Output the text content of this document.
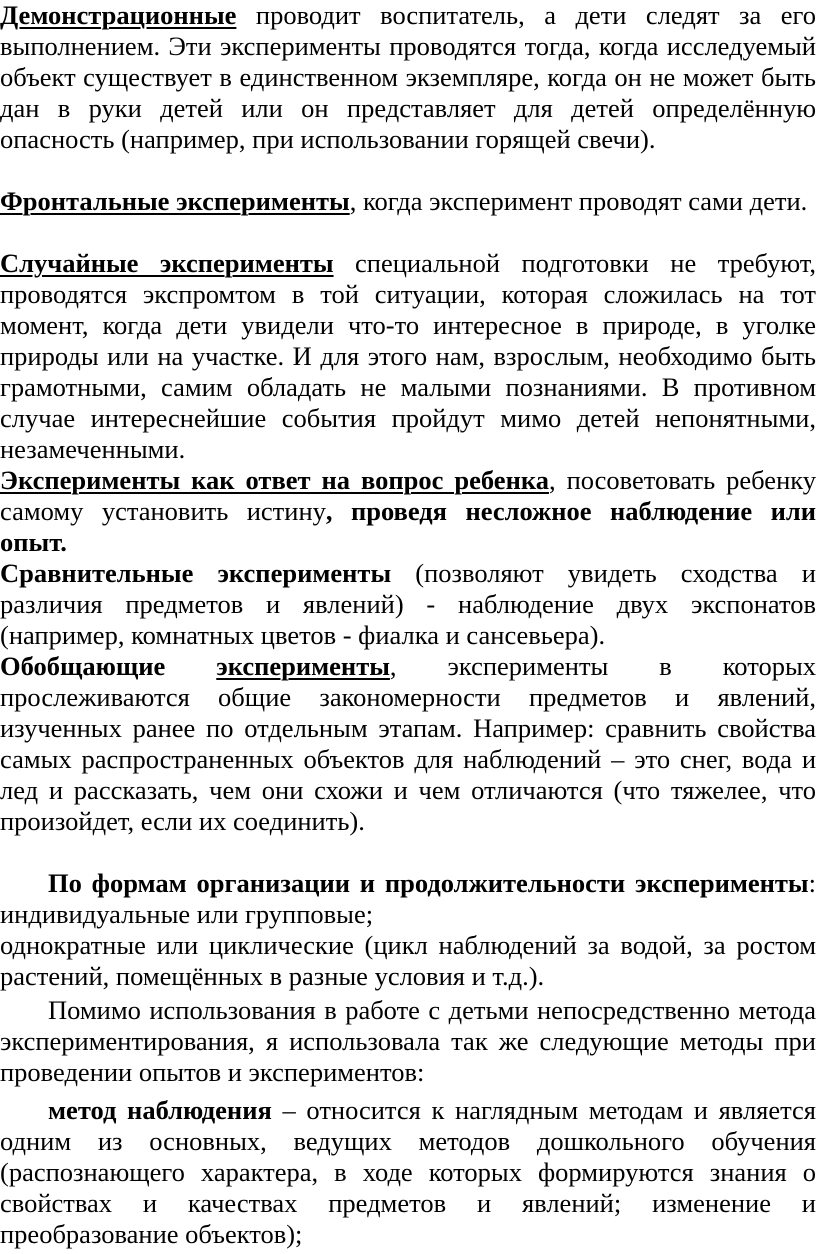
Демонстрационные проводит воспитатель, а дети следят за его выполнением. Эти эксперименты проводятся тогда, когда исследуемый объект существует в единственном экземпляре, когда он не может быть дан в руки детей или он представляет для детей определённую опасность (например, при использовании горящей свечи).

Фронтальные эксперименты, когда эксперимент проводят сами дети.

Случайные эксперименты специальной подготовки не требуют, проводятся экспромтом в той ситуации, которая сложилась на тот момент, когда дети увидели что-то интересное в природе, в уголке природы или на участке. И для этого нам, взрослым, необходимо быть грамотными, самим обладать не малыми познаниями. В противном случае интереснейшие события пройдут мимо детей непонятными, незамеченными.

Эксперименты как ответ на вопрос ребенка, посоветовать ребенку самому установить истину, проведя несложное наблюдение или опыт.

Сравнительные эксперименты (позволяют увидеть сходства и различия предметов и явлений) - наблюдение двух экспонатов (например, комнатных цветов - фиалка и сансевьера).

Обобщающие эксперименты, эксперименты в которых прослеживаются общие закономерности предметов и явлений, изученных ранее по отдельным этапам. Например: сравнить свойства самых распространенных объектов для наблюдений – это снег, вода и лед и рассказать, чем они схожи и чем отличаются (что тяжелее, что произойдет, если их соединить).

По формам организации и продолжительности эксперименты: индивидуальные или групповые;

однократные или циклические (цикл наблюдений за водой, за ростом растений, помещённых в разные условия и т.д.).

Помимо использования в работе с детьми непосредственно метода экспериментирования, я использовала так же следующие методы при проведении опытов и экспериментов:

метод наблюдения – относится к наглядным методам и является одним из основных, ведущих методов дошкольного обучения (распознающего характера, в ходе которых формируются знания о свойствах и качествах предметов и явлений; изменение и преобразование объектов);
